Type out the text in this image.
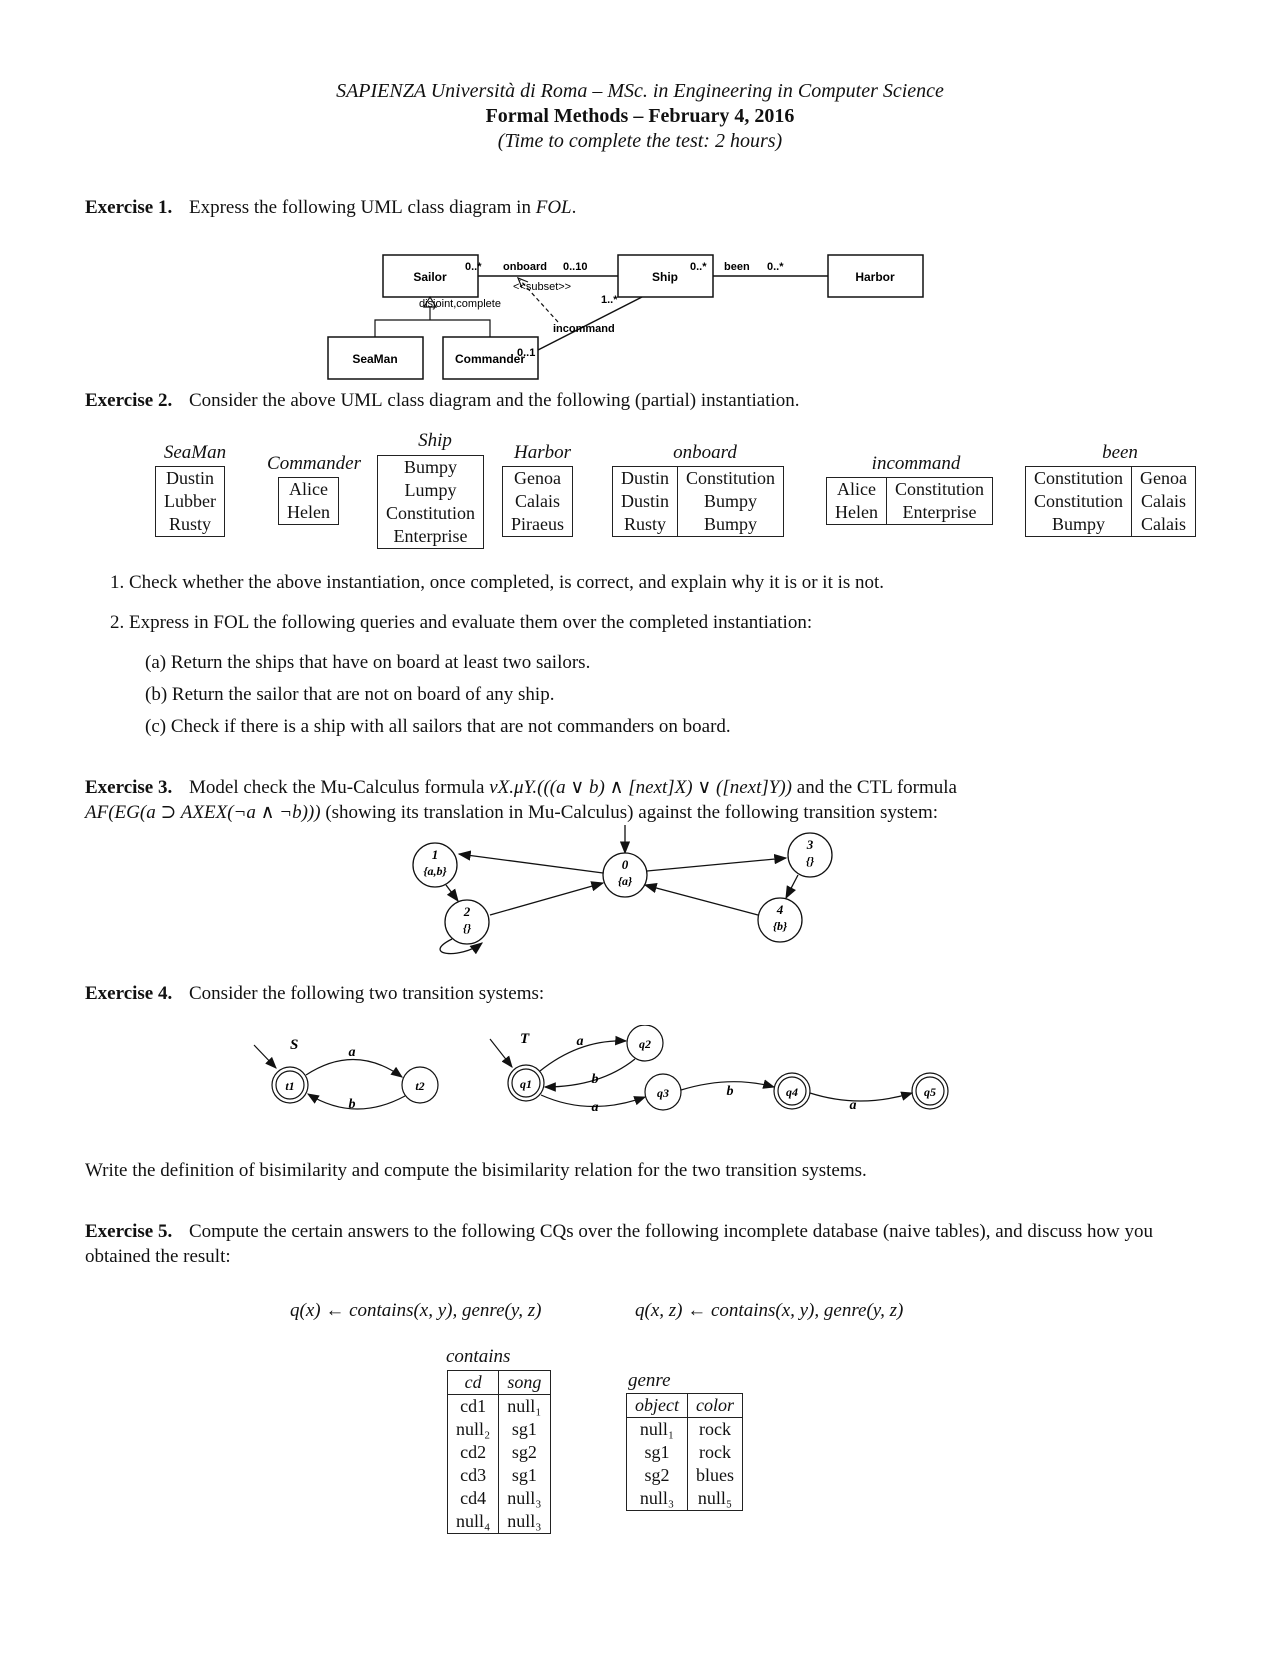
SAPIENZA Università di Roma – MSc. in Engineering in Computer Science
Formal Methods – February 4, 2016
(Time to complete the test: 2 hours)
Exercise 1. Express the following UML class diagram in FOL.
Sailor	Ship	Harbor
SeaMan	Commander
0..* onboard 0..10	0..* been 0..*
1..*
incommand
0..1
<<subset>>
disjoint,complete
Exercise 2. Consider the above UML class diagram and the following (partial) instantiation.
SeaMan
Dustin
Lubber
Rusty
Commander
Alice
Helen
Ship
Bumpy
Lumpy
Constitution
Enterprise
Harbor
Genoa
Calais
Piraeus
onboard
Dustin	Constitution
Dustin	Bumpy
Rusty	Bumpy
incommand
Alice	Constitution
Helen	Enterprise
been
Constitution	Genoa
Constitution	Calais
Bumpy	Calais
1. Check whether the above instantiation, once completed, is correct, and explain why it is or it is not.
2. Express in FOL the following queries and evaluate them over the completed instantiation:
(a) Return the ships that have on board at least two sailors.
(b) Return the sailor that are not on board of any ship.
(c) Check if there is a ship with all sailors that are not commanders on board.
Exercise 3. Model check the Mu-Calculus formula νX.μY.(((a ∨ b) ∧ [next]X) ∨ ([next]Y)) and the CTL formula
AF(EG(a ⊃ AXEX(¬a ∧ ¬b))) (showing its translation in Mu-Calculus) against the following transition system:
1
{a,b}	0
{a}
3
{}
2
{}
4
{b}
Exercise 4. Consider the following two transition systems:
S
t1	t2
a
b
T
q1
q2
q3	q4	q5
a
b
a
b
a
Write the definition of bisimilarity and compute the bisimilarity relation for the two transition systems.
Exercise 5. Compute the certain answers to the following CQs over the following incomplete database (naive tables), and discuss how you obtained the result:
q(x) ← contains(x, y), genre(y, z)	q(x, z) ← contains(x, y), genre(y, z)
contains
cd	song
cd1	null₁
null₂	sg1
cd2	sg2
cd3	sg1
cd4	null₃
null₄	null₃
genre
object	color
null₁	rock
sg1	rock
sg2	blues
null₃	null₅
